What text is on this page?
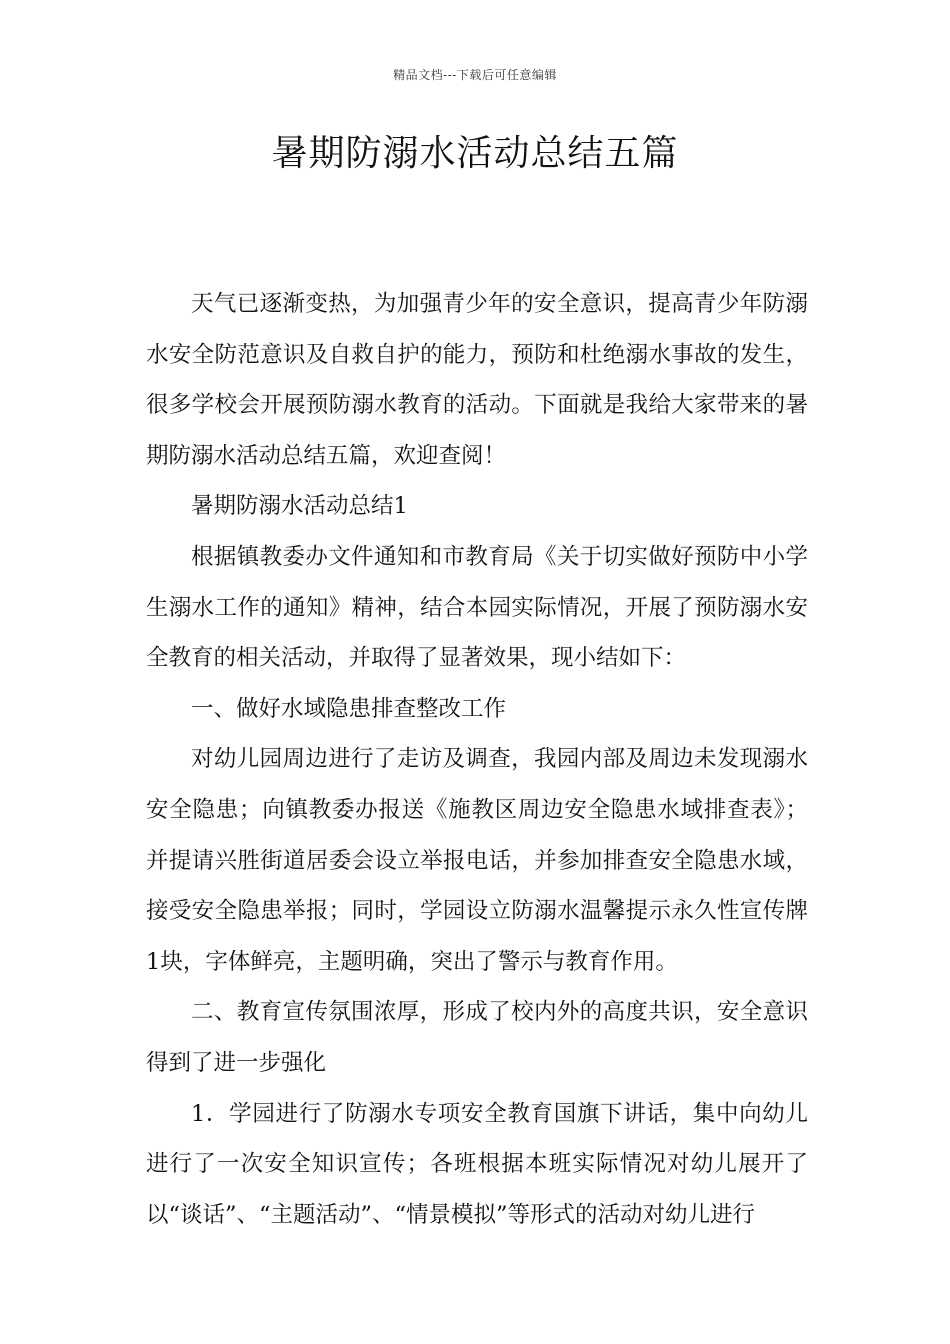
精品文档---下载后可任意编辑
暑期防溺水活动总结五篇

天气已逐渐变热，为加强青少年的安全意识，提高青少年防溺水安全防范意识及自救自护的能力，预防和杜绝溺水事故的发生，很多学校会开展预防溺水教育的活动。下面就是我给大家带来的暑期防溺水活动总结五篇，欢迎查阅！

暑期防溺水活动总结1

根据镇教委办文件通知和市教育局《关于切实做好预防中小学生溺水工作的通知》精神，结合本园实际情况，开展了预防溺水安全教育的相关活动，并取得了显著效果，现小结如下：

一、做好水域隐患排查整改工作

对幼儿园周边进行了走访及调查，我园内部及周边未发现溺水安全隐患；向镇教委办报送《施教区周边安全隐患水域排查表》；并提请兴胜街道居委会设立举报电话，并参加排查安全隐患水域，接受安全隐患举报；同时，学园设立防溺水温馨提示永久性宣传牌1块，字体鲜亮，主题明确，突出了警示与教育作用。

二、教育宣传氛围浓厚，形成了校内外的高度共识，安全意识得到了进一步强化

1．学园进行了防溺水专项安全教育国旗下讲话，集中向幼儿进行了一次安全知识宣传；各班根据本班实际情况对幼儿展开了以“谈话”、“主题活动”、“情景模拟”等形式的活动对幼儿进行
